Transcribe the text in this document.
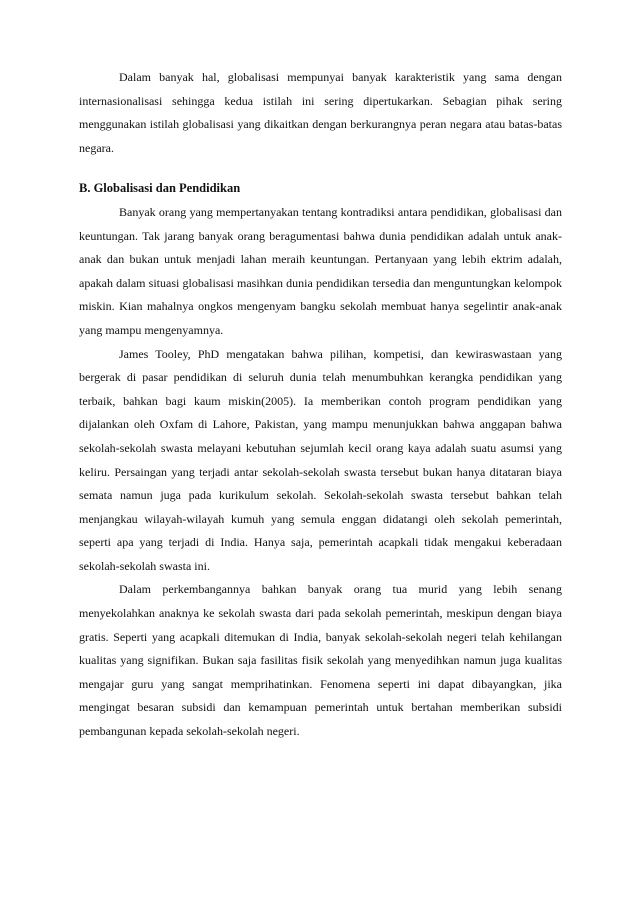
Dalam banyak hal, globalisasi mempunyai banyak karakteristik yang sama dengan internasionalisasi sehingga kedua istilah ini sering dipertukarkan. Sebagian pihak sering menggunakan istilah globalisasi yang dikaitkan dengan berkurangnya peran negara atau batas-batas negara.

B. Globalisasi dan Pendidikan

Banyak orang yang mempertanyakan tentang kontradiksi antara pendidikan, globalisasi dan keuntungan. Tak jarang banyak orang beragumentasi bahwa dunia pendidikan adalah untuk anak-anak dan bukan untuk menjadi lahan meraih keuntungan. Pertanyaan yang lebih ektrim adalah, apakah dalam situasi globalisasi masihkan dunia pendidikan tersedia dan menguntungkan kelompok miskin. Kian mahalnya ongkos mengenyam bangku sekolah membuat hanya segelintir anak-anak yang mampu mengenyamnya.

James Tooley, PhD mengatakan bahwa pilihan, kompetisi, dan kewiraswastaan yang bergerak di pasar pendidikan di seluruh dunia telah menumbuhkan kerangka pendidikan yang terbaik, bahkan bagi kaum miskin(2005). Ia memberikan contoh program pendidikan yang dijalankan oleh Oxfam di Lahore, Pakistan, yang mampu menunjukkan bahwa anggapan bahwa sekolah-sekolah swasta melayani kebutuhan sejumlah kecil orang kaya adalah suatu asumsi yang keliru. Persaingan yang terjadi antar sekolah-sekolah swasta tersebut bukan hanya ditataran biaya semata namun juga pada kurikulum sekolah. Sekolah-sekolah swasta tersebut bahkan telah menjangkau wilayah-wilayah kumuh yang semula enggan didatangi oleh sekolah pemerintah, seperti apa yang terjadi di India. Hanya saja, pemerintah acapkali tidak mengakui keberadaan sekolah-sekolah swasta ini.

Dalam perkembangannya bahkan banyak orang tua murid yang lebih senang menyekolahkan anaknya ke sekolah swasta dari pada sekolah pemerintah, meskipun dengan biaya gratis. Seperti yang acapkali ditemukan di India, banyak sekolah-sekolah negeri telah kehilangan kualitas yang signifikan. Bukan saja fasilitas fisik sekolah yang menyedihkan namun juga kualitas mengajar guru yang sangat memprihatinkan. Fenomena seperti ini dapat dibayangkan, jika mengingat besaran subsidi dan kemampuan pemerintah untuk bertahan memberikan subsidi pembangunan kepada sekolah-sekolah negeri.
